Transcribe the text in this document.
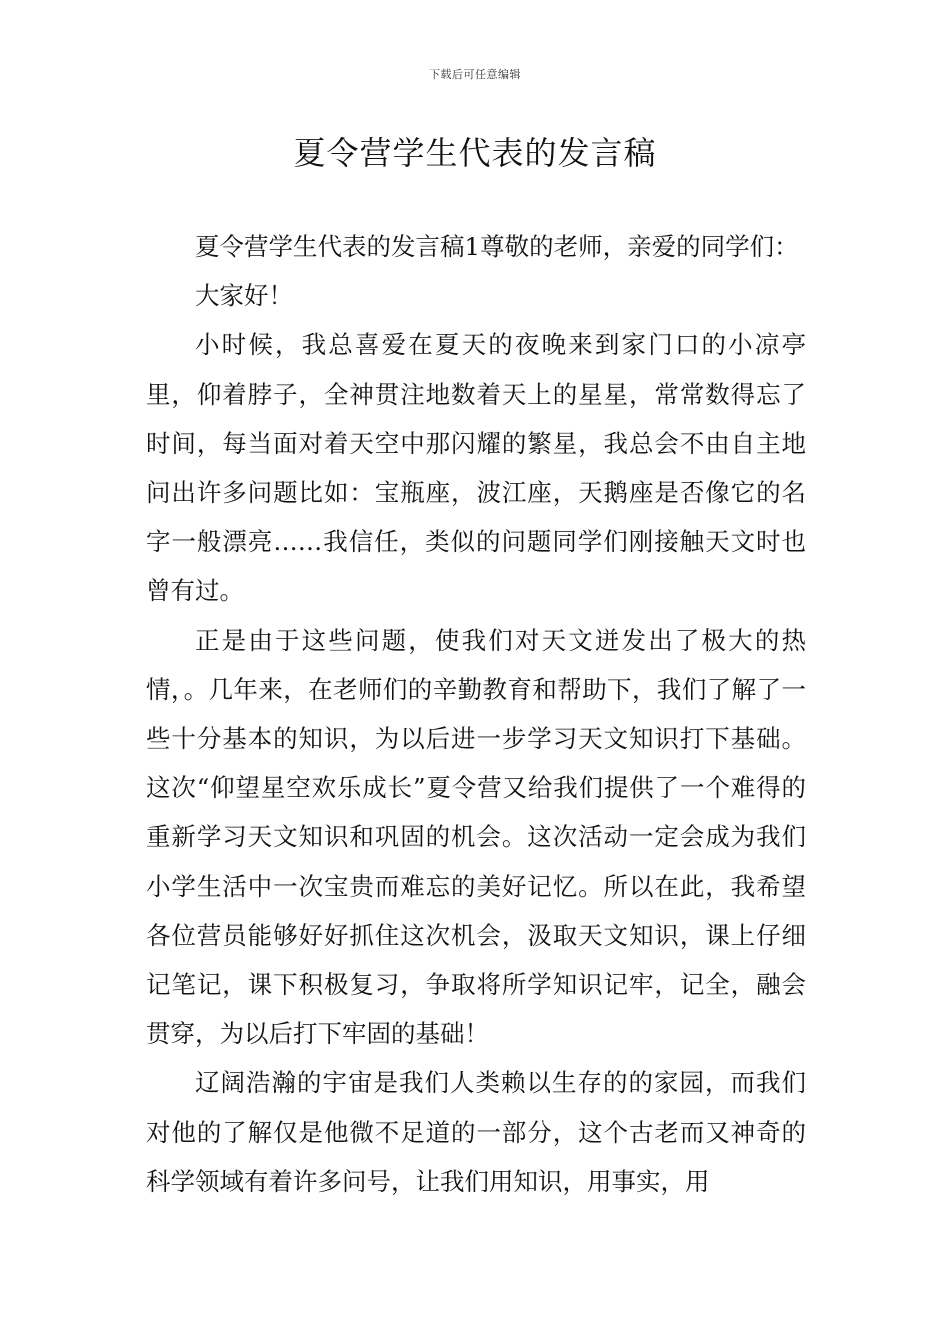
下载后可任意编辑
夏令营学生代表的发言稿

夏令营学生代表的发言稿1尊敬的老师，亲爱的同学们：

大家好！

小时候，我总喜爱在夏天的夜晚来到家门口的小凉亭里，仰着脖子，全神贯注地数着天上的星星，常常数得忘了时间，每当面对着天空中那闪耀的繁星，我总会不由自主地问出许多问题比如：宝瓶座，波江座，天鹅座是否像它的名字一般漂亮……我信任，类似的问题同学们刚接触天文时也曾有过。

正是由于这些问题，使我们对天文迸发出了极大的热情，。几年来，在老师们的辛勤教育和帮助下，我们了解了一些十分基本的知识，为以后进一步学习天文知识打下基础。这次“仰望星空欢乐成长”夏令营又给我们提供了一个难得的重新学习天文知识和巩固的机会。这次活动一定会成为我们小学生活中一次宝贵而难忘的美好记忆。所以在此，我希望各位营员能够好好抓住这次机会，汲取天文知识，课上仔细记笔记，课下积极复习，争取将所学知识记牢，记全，融会贯穿，为以后打下牢固的基础！

辽阔浩瀚的宇宙是我们人类赖以生存的的家园，而我们对他的了解仅是他微不足道的一部分，这个古老而又神奇的科学领域有着许多问号，让我们用知识，用事实，用
